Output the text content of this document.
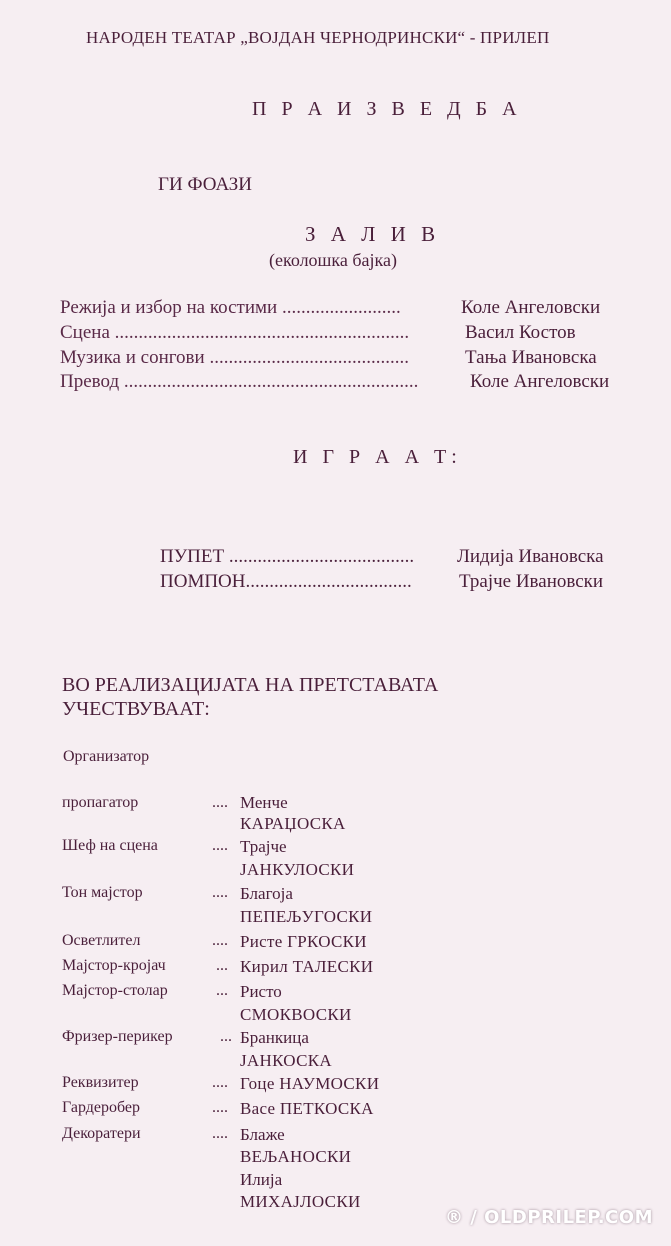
НАРОДЕН ТЕАТАР „ВОЈДАН ЧЕРНОДРИНСКИ“ - ПРИЛЕП
П Р А И З В Е Д Б А
ГИ ФОАЗИ
З А Л И В
(еколошка бајка)
Режија и избор на костими .........................	Коле Ангеловски
Сцена ..............................................................	Васил Костов
Музика и сонгови ..........................................	Тања Ивановска
Превод ..............................................................	Коле Ангеловски
И Г Р А А Т:
ПУПЕТ ....................................... Лидија Ивановска
ПОМПОН................................... Трајче Ивановски
ВО РЕАЛИЗАЦИЈАТА НА ПРЕТСТАВАТА УЧЕСТВУВААТ:
Организатор
пропагатор	.... Менче
КАРАЏОСКА
Шеф на сцена	.... Трајче
ЈАНКУЛОСКИ
Тон мајстор	.... Благоја
ПЕПЕЉУГОСКИ
Осветлител	.... Ристе ГРКОСКИ
Мајстор-кројач	... Кирил ТАЛЕСКИ
Мајстор-столар	... Ристо
СМОКВОСКИ
Фризер-перикер	... Бранкица
ЈАНКОСКА
Реквизитер	.... Гоце НАУМОСКИ
Гардеробер	.... Васе ПЕТКОСКА
Декоратери	.... Блаже
ВЕЉАНОСКИ
Илија
МИХАЈЛОСКИ
® / OLDPRILEP.COM
